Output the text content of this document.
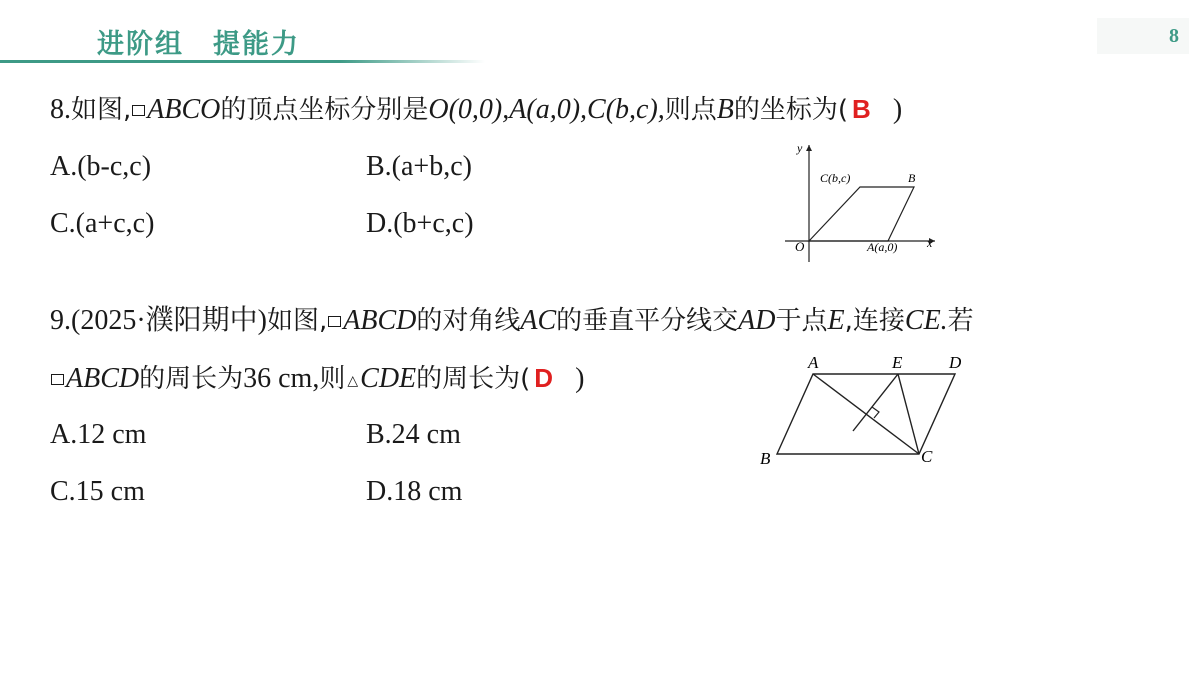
进阶组　提能力	8
8.如图, ABCO的顶点坐标分别是O(0,0),A(a,0),C(b,c),则点B的坐标为( B )
A.(b-c,c)	B.(a+b,c)
C.(a+c,c)	D.(b+c,c)
y
x
O
C(b,c)	B
A(a,0)
9.(2025·濮阳期中)如图, ABCD的对角线AC的垂直平分线交AD于点E,连接CE.若
ABCD的周长为36 cm,则 △CDE的周长为( D )
A.12 cm	B.24 cm
C.15 cm	D.18 cm
A	E	D
B	C
